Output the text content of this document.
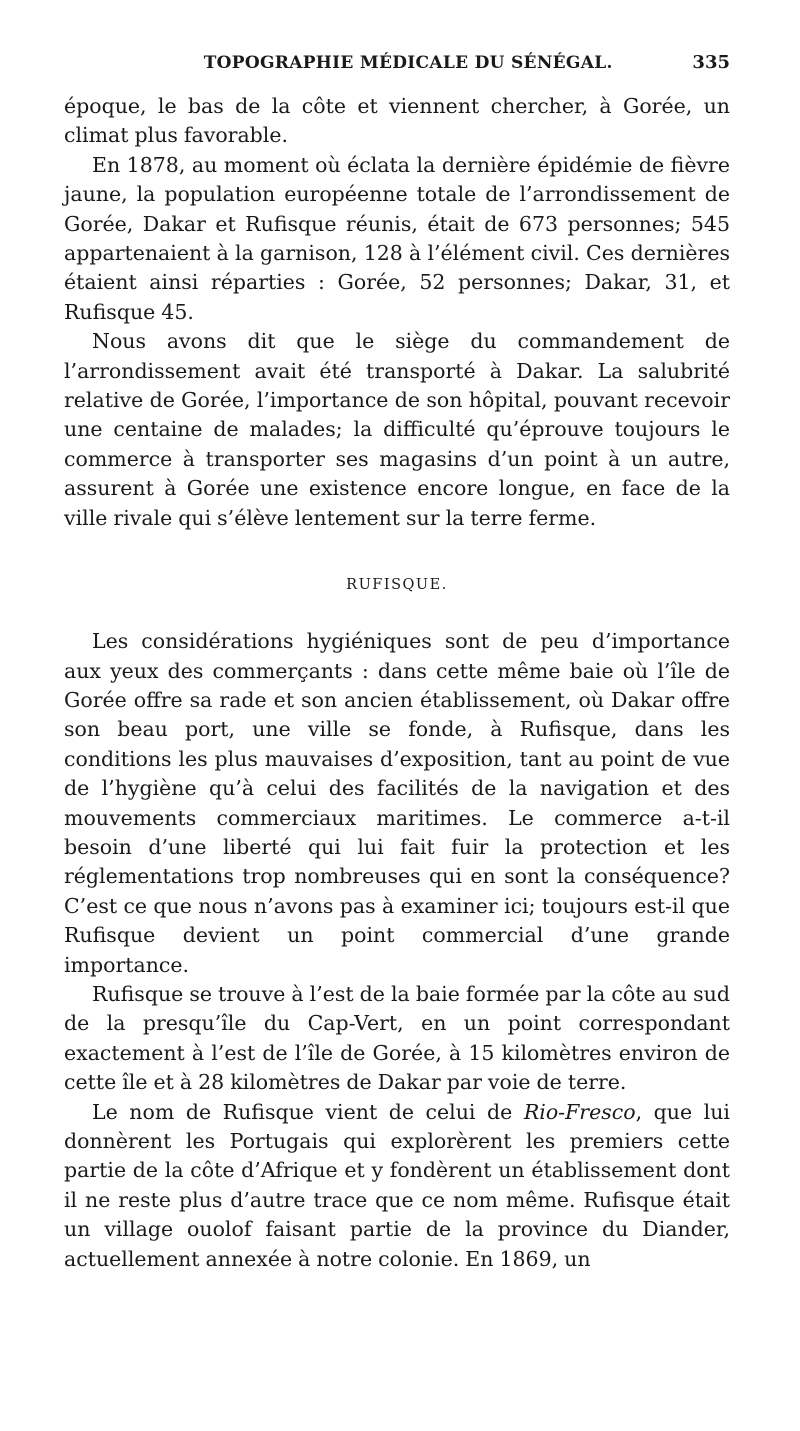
TOPOGRAPHIE MÉDICALE DU SÉNÉGAL.	335

époque, le bas de la côte et viennent chercher, à Gorée, un climat plus favorable.

En 1878, au moment où éclata la dernière épidémie de fièvre jaune, la population européenne totale de l’arrondissement de Gorée, Dakar et Rufisque réunis, était de 673 personnes; 545 appartenaient à la garnison, 128 à l’élément civil. Ces dernières étaient ainsi réparties : Gorée, 52 personnes; Dakar, 31, et Rufisque 45.

Nous avons dit que le siège du commandement de l’arrondissement avait été transporté à Dakar. La salubrité relative de Gorée, l’importance de son hôpital, pouvant recevoir une centaine de malades; la difficulté qu’éprouve toujours le commerce à transporter ses magasins d’un point à un autre, assurent à Gorée une existence encore longue, en face de la ville rivale qui s’élève lentement sur la terre ferme.

RUFISQUE.

Les considérations hygiéniques sont de peu d’importance aux yeux des commerçants : dans cette même baie où l’île de Gorée offre sa rade et son ancien établissement, où Dakar offre son beau port, une ville se fonde, à Rufisque, dans les conditions les plus mauvaises d’exposition, tant au point de vue de l’hygiène qu’à celui des facilités de la navigation et des mouvements commerciaux maritimes. Le commerce a-t-il besoin d’une liberté qui lui fait fuir la protection et les réglementations trop nombreuses qui en sont la conséquence? C’est ce que nous n’avons pas à examiner ici; toujours est-il que Rufisque devient un point commercial d’une grande importance.

Rufisque se trouve à l’est de la baie formée par la côte au sud de la presqu’île du Cap-Vert, en un point correspondant exactement à l’est de l’île de Gorée, à 15 kilomètres environ de cette île et à 28 kilomètres de Dakar par voie de terre.

Le nom de Rufisque vient de celui de Rio-Fresco, que lui donnèrent les Portugais qui explorèrent les premiers cette partie de la côte d’Afrique et y fondèrent un établissement dont il ne reste plus d’autre trace que ce nom même. Rufisque était un village ouolof faisant partie de la province du Diander, actuellement annexée à notre colonie. En 1869, un
